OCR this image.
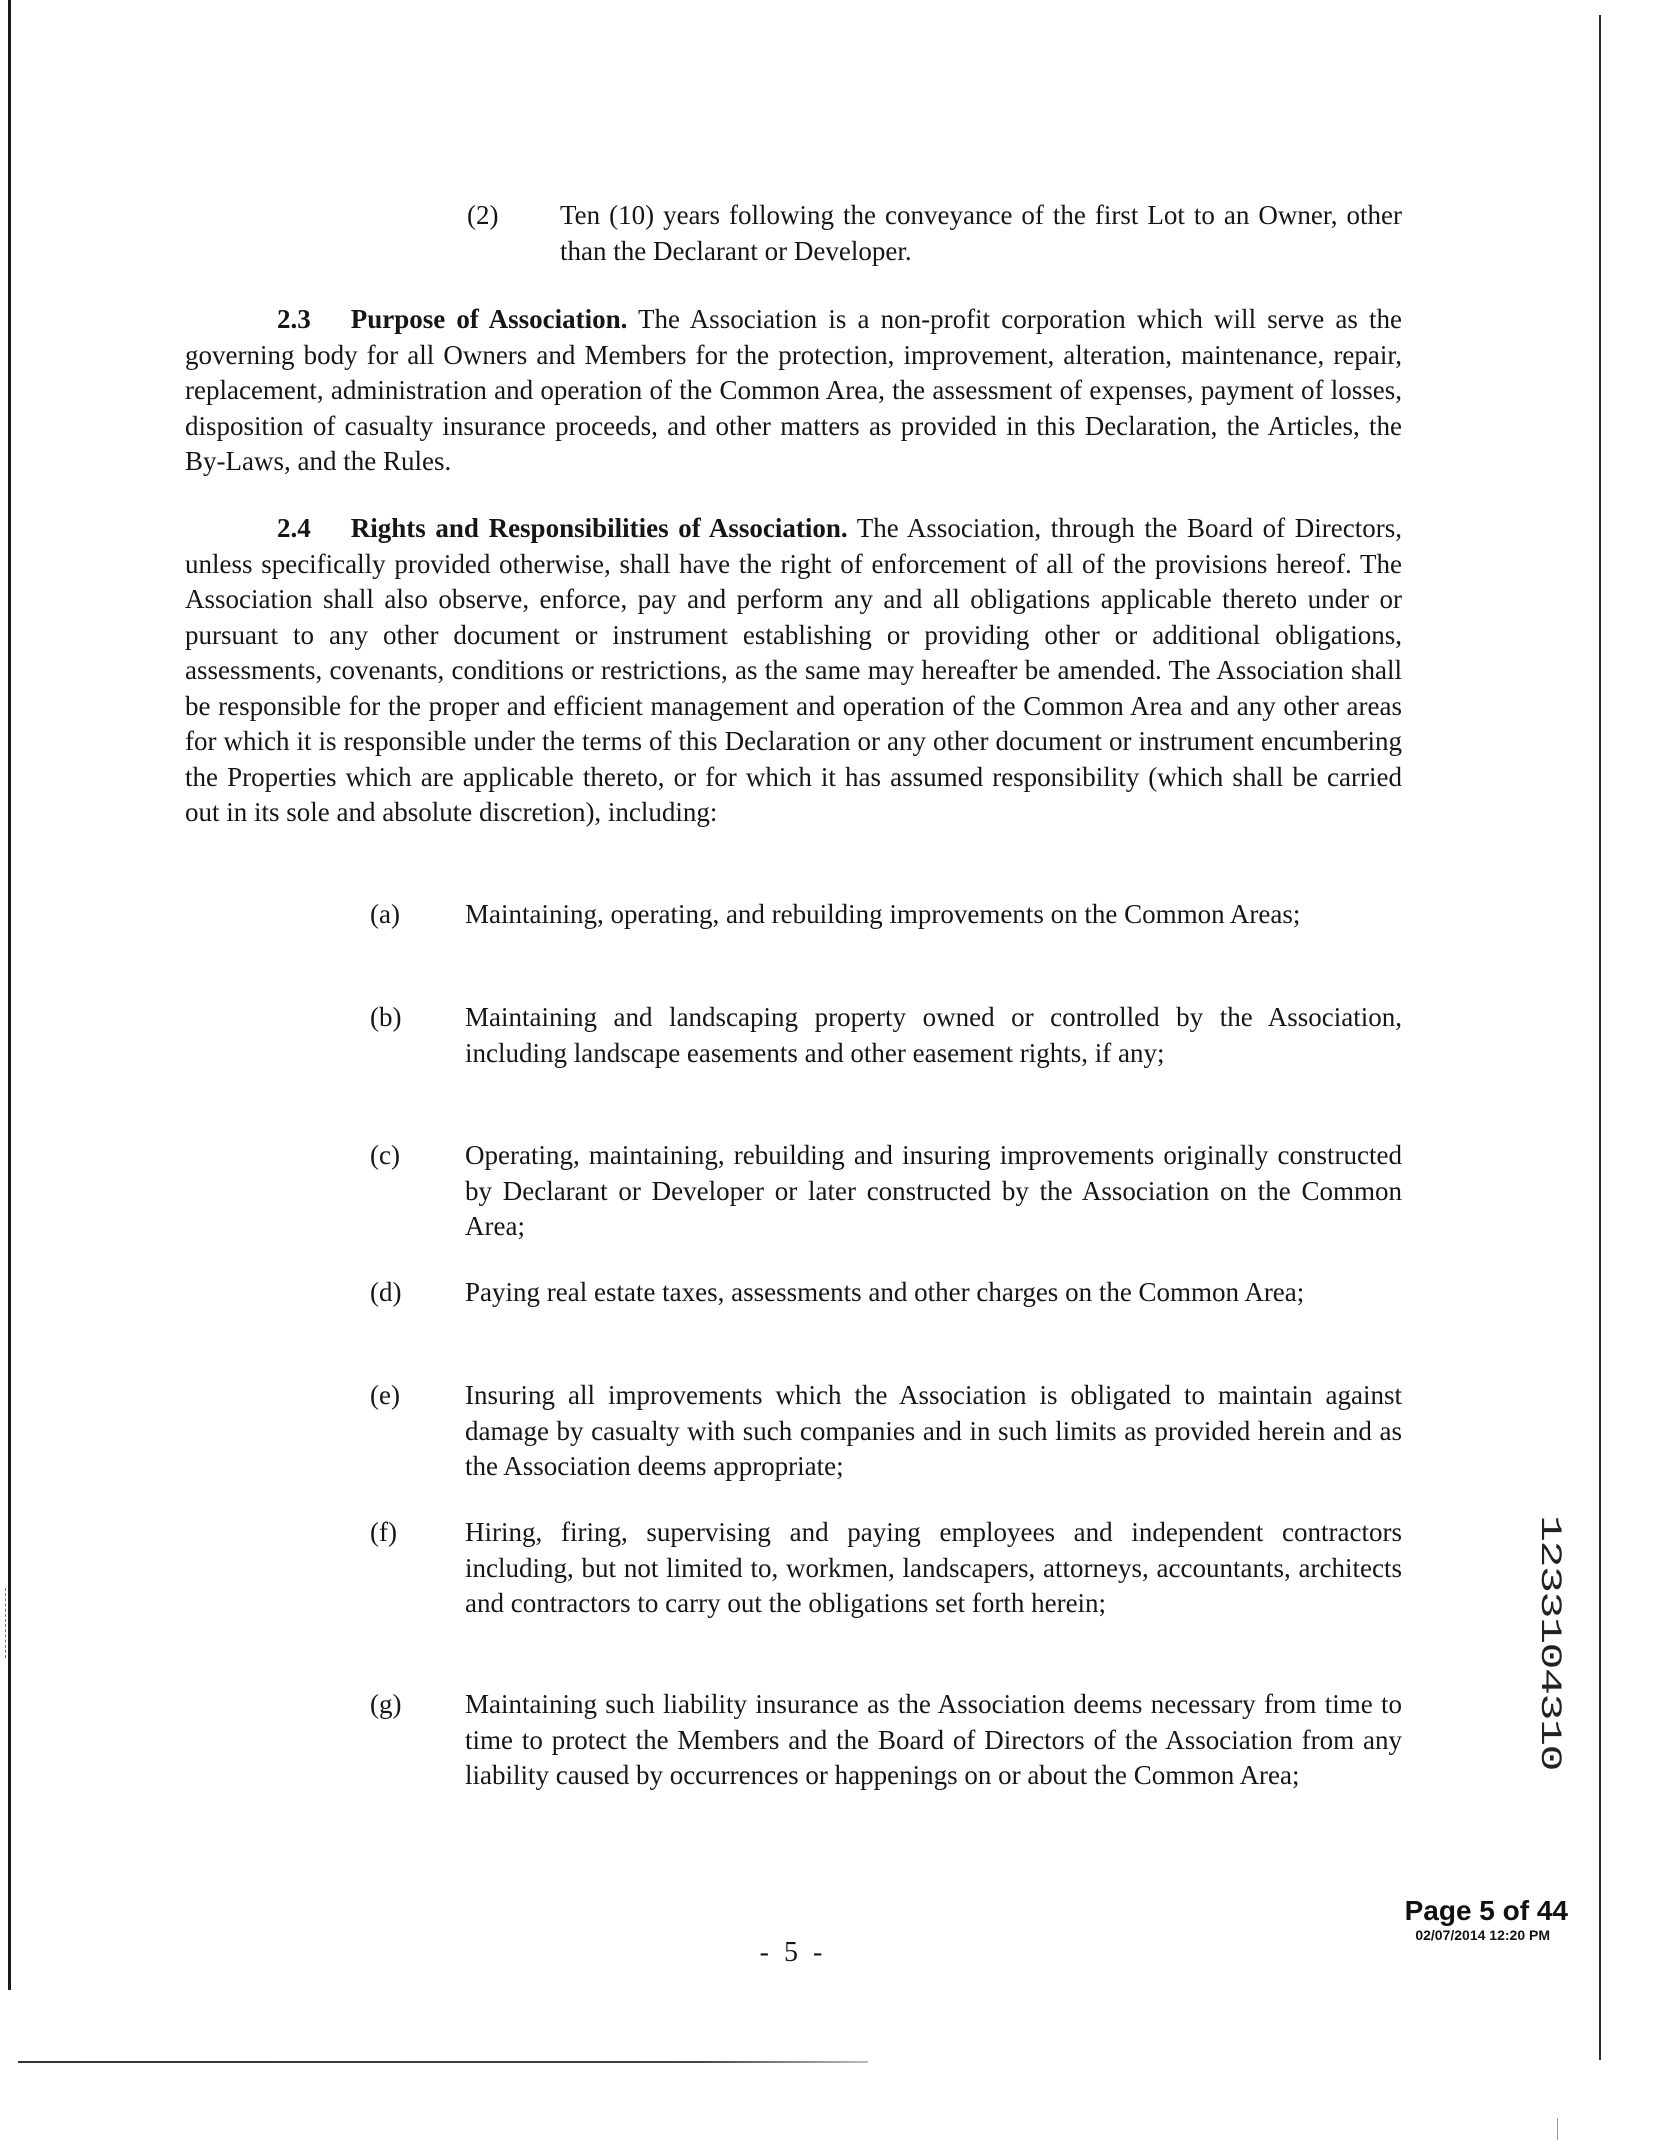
(2) Ten (10) years following the conveyance of the first Lot to an Owner, other than the Declarant or Developer.

2.3 Purpose of Association. The Association is a non-profit corporation which will serve as the governing body for all Owners and Members for the protection, improvement, alteration, maintenance, repair, replacement, administration and operation of the Common Area, the assessment of expenses, payment of losses, disposition of casualty insurance proceeds, and other matters as provided in this Declaration, the Articles, the By-Laws, and the Rules.

2.4 Rights and Responsibilities of Association. The Association, through the Board of Directors, unless specifically provided otherwise, shall have the right of enforcement of all of the provisions hereof. The Association shall also observe, enforce, pay and perform any and all obligations applicable thereto under or pursuant to any other document or instrument establishing or providing other or additional obligations, assessments, covenants, conditions or restrictions, as the same may hereafter be amended. The Association shall be responsible for the proper and efficient management and operation of the Common Area and any other areas for which it is responsible under the terms of this Declaration or any other document or instrument encumbering the Properties which are applicable thereto, or for which it has assumed responsibility (which shall be carried out in its sole and absolute discretion), including:

(a) Maintaining, operating, and rebuilding improvements on the Common Areas;

(b) Maintaining and landscaping property owned or controlled by the Association, including landscape easements and other easement rights, if any;

(c) Operating, maintaining, rebuilding and insuring improvements originally constructed by Declarant or Developer or later constructed by the Association on the Common Area;

(d) Paying real estate taxes, assessments and other charges on the Common Area;

(e) Insuring all improvements which the Association is obligated to maintain against damage by casualty with such companies and in such limits as provided herein and as the Association deems appropriate;

(f)	Hiring, firing, supervising and paying employees and independent contractors including, but not limited to, workmen, landscapers, attorneys, accountants, architects and contractors to carry out the obligations set forth herein;

(g) Maintaining such liability insurance as the Association deems necessary from time to time to protect the Members and the Board of Directors of the Association from any liability caused by occurrences or happenings on or about the Common Area;

- 5 -
Page 5 of 44
02/07/2014 12:20 PM
1233104310
